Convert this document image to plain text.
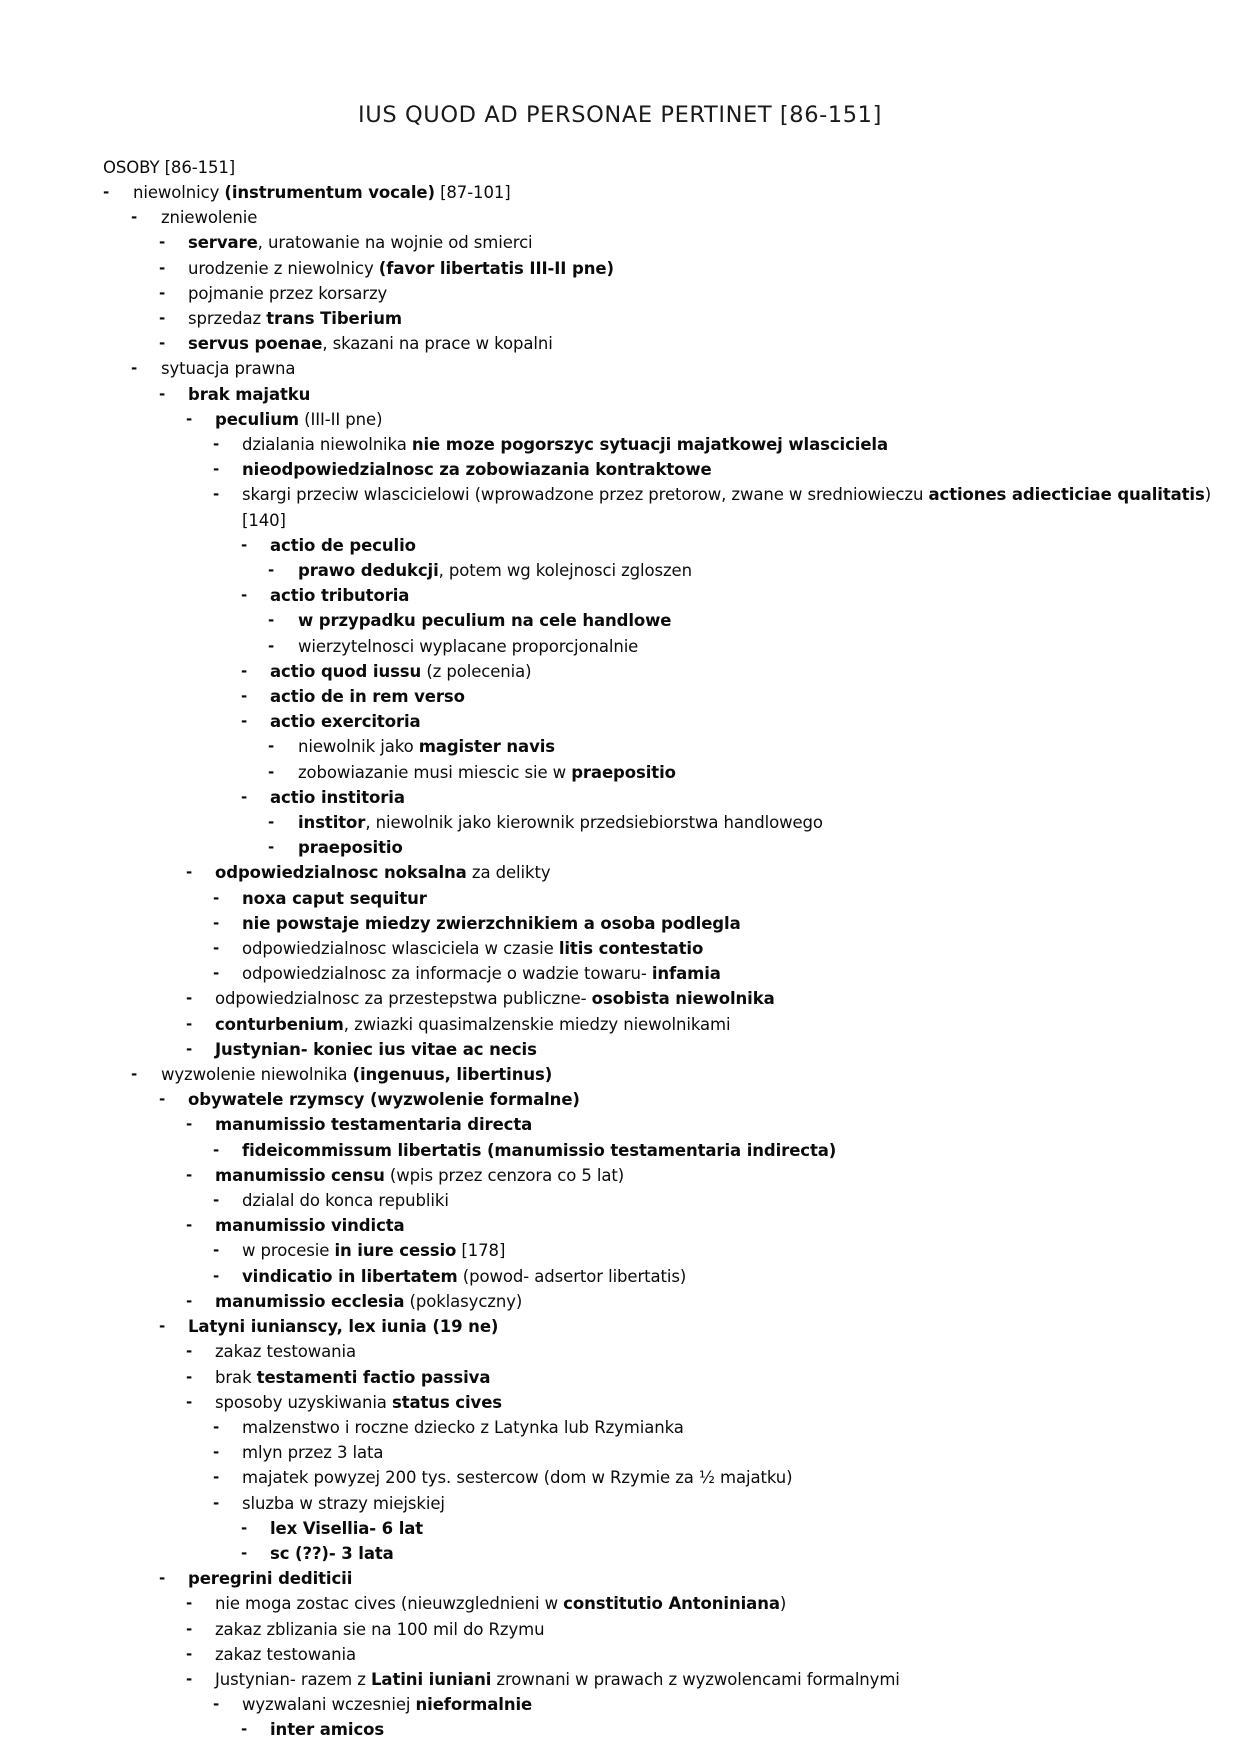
IUS QUOD AD PERSONAE PERTINET [86-151]
OSOBY [86-151]
-	niewolnicy (instrumentum vocale) [87-101]
-	zniewolenie
-	servare, uratowanie na wojnie od smierci
-	urodzenie z niewolnicy (favor libertatis III-II pne)
-	pojmanie przez korsarzy
-	sprzedaz trans Tiberium
-	servus poenae, skazani na prace w kopalni
-	sytuacja prawna
-	brak majatku
-	peculium (III-II pne)
-	dzialania niewolnika nie moze pogorszyc sytuacji majatkowej wlasciciela
-	nieodpowiedzialnosc za zobowiazania kontraktowe
-	skargi przeciw wlascicielowi (wprowadzone przez pretorow, zwane w sredniowieczu actiones adiecticiae qualitatis) [140]
-	actio de peculio
-	prawo dedukcji, potem wg kolejnosci zgloszen
-	actio tributoria
-	w przypadku peculium na cele handlowe
-	wierzytelnosci wyplacane proporcjonalnie
-	actio quod iussu (z polecenia)
-	actio de in rem verso
-	actio exercitoria
-	niewolnik jako magister navis
-	zobowiazanie musi miescic sie w praepositio
-	actio institoria
-	institor, niewolnik jako kierownik przedsiebiorstwa handlowego
-	praepositio
-	odpowiedzialnosc noksalna za delikty
-	noxa caput sequitur
-	nie powstaje miedzy zwierzchnikiem a osoba podlegla
-	odpowiedzialnosc wlasciciela w czasie litis contestatio
-	odpowiedzialnosc za informacje o wadzie towaru- infamia
-	odpowiedzialnosc za przestepstwa publiczne- osobista niewolnika
-	conturbenium, zwiazki quasimalzenskie miedzy niewolnikami
-	Justynian- koniec ius vitae ac necis
-	wyzwolenie niewolnika (ingenuus, libertinus)
-	obywatele rzymscy (wyzwolenie formalne)
-	manumissio testamentaria directa
-	fideicommissum libertatis (manumissio testamentaria indirecta)
-	manumissio censu (wpis przez cenzora co 5 lat)
-	dzialal do konca republiki
-	manumissio vindicta
-	w procesie in iure cessio [178]
-	vindicatio in libertatem (powod- adsertor libertatis)
-	manumissio ecclesia (poklasyczny)
-	Latyni iunianscy, lex iunia (19 ne)
-	zakaz testowania
-	brak testamenti factio passiva
-	sposoby uzyskiwania status cives
-	malzenstwo i roczne dziecko z Latynka lub Rzymianka
-	mlyn przez 3 lata
-	majatek powyzej 200 tys. sestercow (dom w Rzymie za ½ majatku)
-	sluzba w strazy miejskiej
-	lex Visellia- 6 lat
-	sc (??)- 3 lata
-	peregrini dediticii
-	nie moga zostac cives (nieuwzglednieni w constitutio Antoniniana)
-	zakaz zblizania sie na 100 mil do Rzymu
-	zakaz testowania
-	Justynian- razem z Latini iuniani zrownani w prawach z wyzwolencami formalnymi
-	wyzwalani wczesniej nieformalnie
-	inter amicos
